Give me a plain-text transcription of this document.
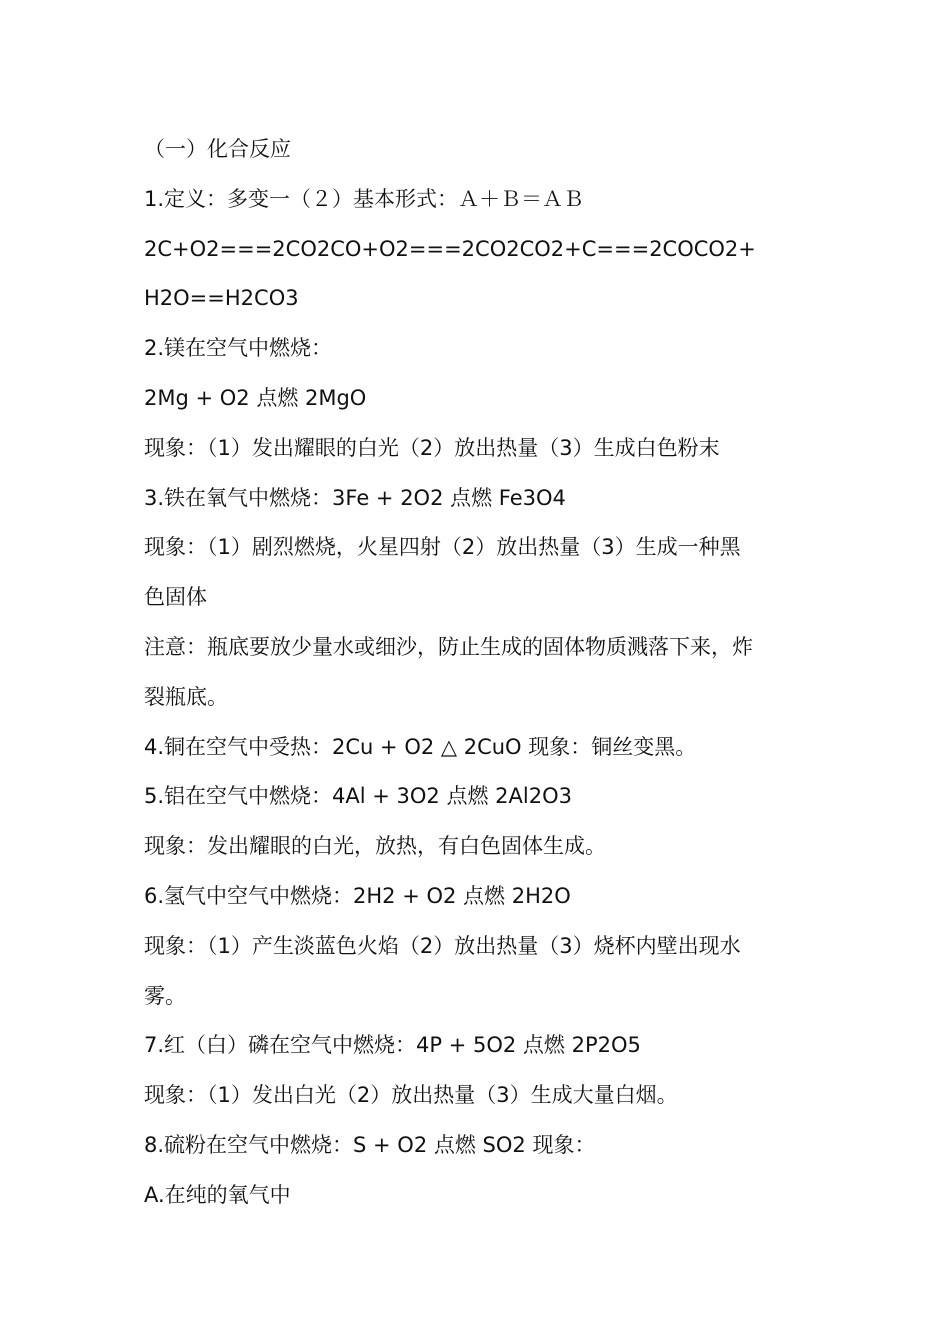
（一）化合反应
1.定义：多变一（２）基本形式：Ａ＋Ｂ＝ＡＢ
2C+O2===2CO2CO+O2===2CO2CO2+C===2COCO2+
H2O==H2CO3
2.镁在空气中燃烧：
2Mg + O2 点燃 2MgO
现象：（1）发出耀眼的白光（2）放出热量（3）生成白色粉末
3.铁在氧气中燃烧：3Fe + 2O2 点燃 Fe3O4
现象：（1）剧烈燃烧，火星四射（2）放出热量（3）生成一种黑
色固体
注意：瓶底要放少量水或细沙，防止生成的固体物质溅落下来，炸
裂瓶底。
4.铜在空气中受热：2Cu + O2 △ 2CuO 现象：铜丝变黑。
5.铝在空气中燃烧：4Al + 3O2 点燃 2Al2O3
现象：发出耀眼的白光，放热，有白色固体生成。
6.氢气中空气中燃烧：2H2 + O2 点燃 2H2O
现象：（1）产生淡蓝色火焰（2）放出热量（3）烧杯内壁出现水
雾。
7.红（白）磷在空气中燃烧：4P + 5O2 点燃 2P2O5
现象：（1）发出白光（2）放出热量（3）生成大量白烟。
8.硫粉在空气中燃烧：S + O2 点燃 SO2 现象：
A.在纯的氧气中
